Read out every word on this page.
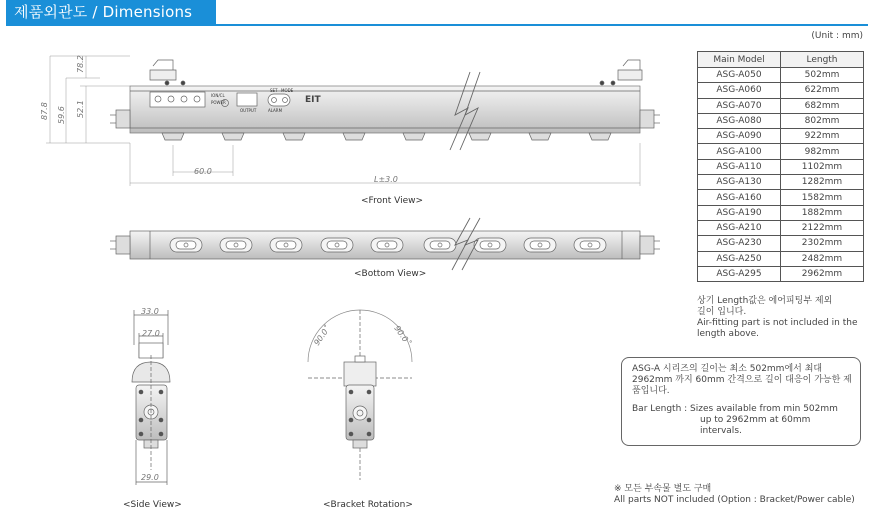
제품외관도 / Dimensions
(Unit : mm)
Main Model	Length
ASG-A050	502mm
ASG-A060	622mm
ASG-A070	682mm
ASG-A080	802mm
ASG-A090	922mm
ASG-A100	982mm
ASG-A110	1102mm
ASG-A130	1282mm
ASG-A160	1582mm
ASG-A190	1882mm
ASG-A210	2122mm
ASG-A230	2302mm
ASG-A250	2482mm
ASG-A295	2962mm
상기 Length값은 에어피팅부 제외
길이 입니다.
Air-fitting part is not included in the
length above.
ASG-A 시리즈의 길이는 최소 502mm에서 최대 2962mm 까지 60mm 간격으로 길이 대응이 가능한 제품입니다.
Bar Length : Sizes available from min 502mm
up to 2962mm at 60mm intervals.
※ 모든 부속물 별도 구매
All parts NOT included (Option : Bracket/Power cable)
EIT
ION/CL
POWER
OUTPUT
SET MODE
ALARM
87.8
78.2
59.6 52.1
60.0
L±3.0
33.0
27.0
29.0
90.0˚	90.0˚
<Front View>
<Bottom View>
<Side View>	<Bracket Rotation>
